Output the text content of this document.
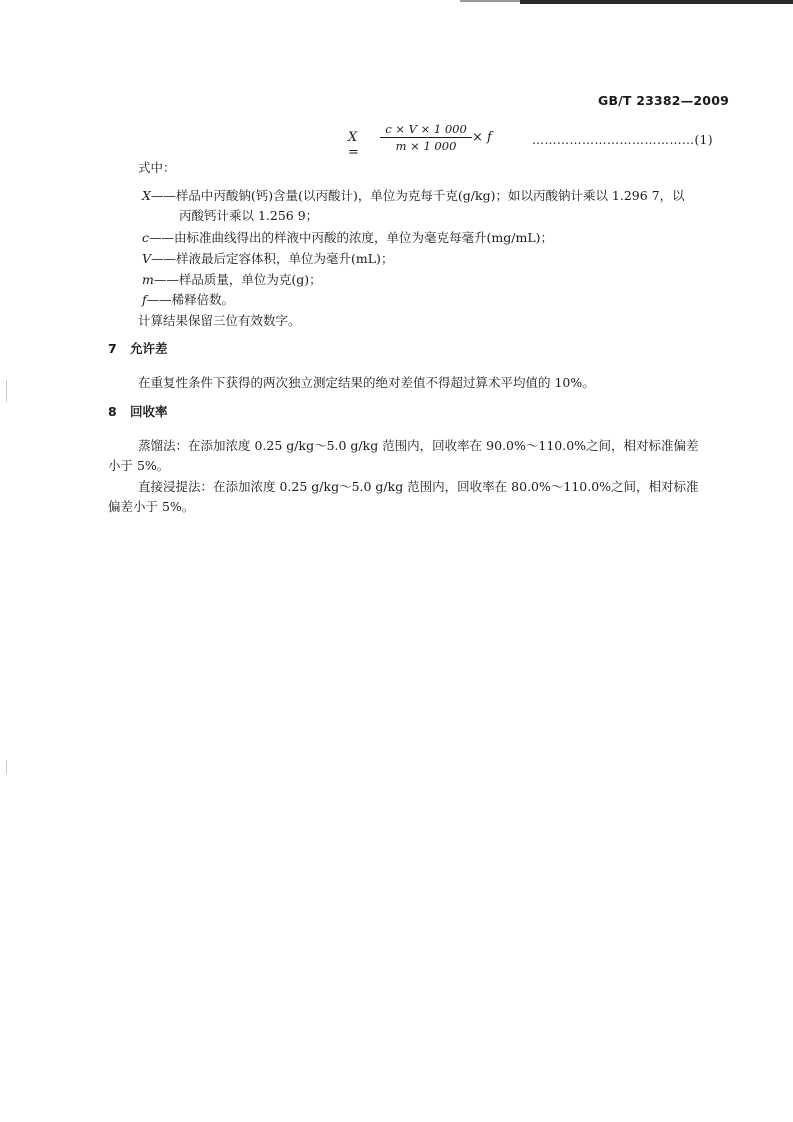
GB/T 23382—2009
$X = \frac{c \times V \times 1 000}{m \times 1 000} \times f$	…………………………………(1)
式中：
X——样品中丙酸钠(钙)含量(以丙酸计)，单位为克每千克(g/kg)；如以丙酸钠计乘以 1.296 7，以
丙酸钙计乘以 1.256 9；
c——由标准曲线得出的样液中丙酸的浓度，单位为毫克每毫升(mg/mL)；
V——样液最后定容体积，单位为毫升(mL)；
m——样品质量，单位为克(g)；
f——稀释倍数。
计算结果保留三位有效数字。
7 允许差
在重复性条件下获得的两次独立测定结果的绝对差值不得超过算术平均值的 10%。
8 回收率
蒸馏法：在添加浓度 0.25 g/kg～5.0 g/kg 范围内，回收率在 90.0%～110.0%之间，相对标准偏差
小于 5%。
直接浸提法：在添加浓度 0.25 g/kg～5.0 g/kg 范围内，回收率在 80.0%～110.0%之间，相对标准
偏差小于 5%。
